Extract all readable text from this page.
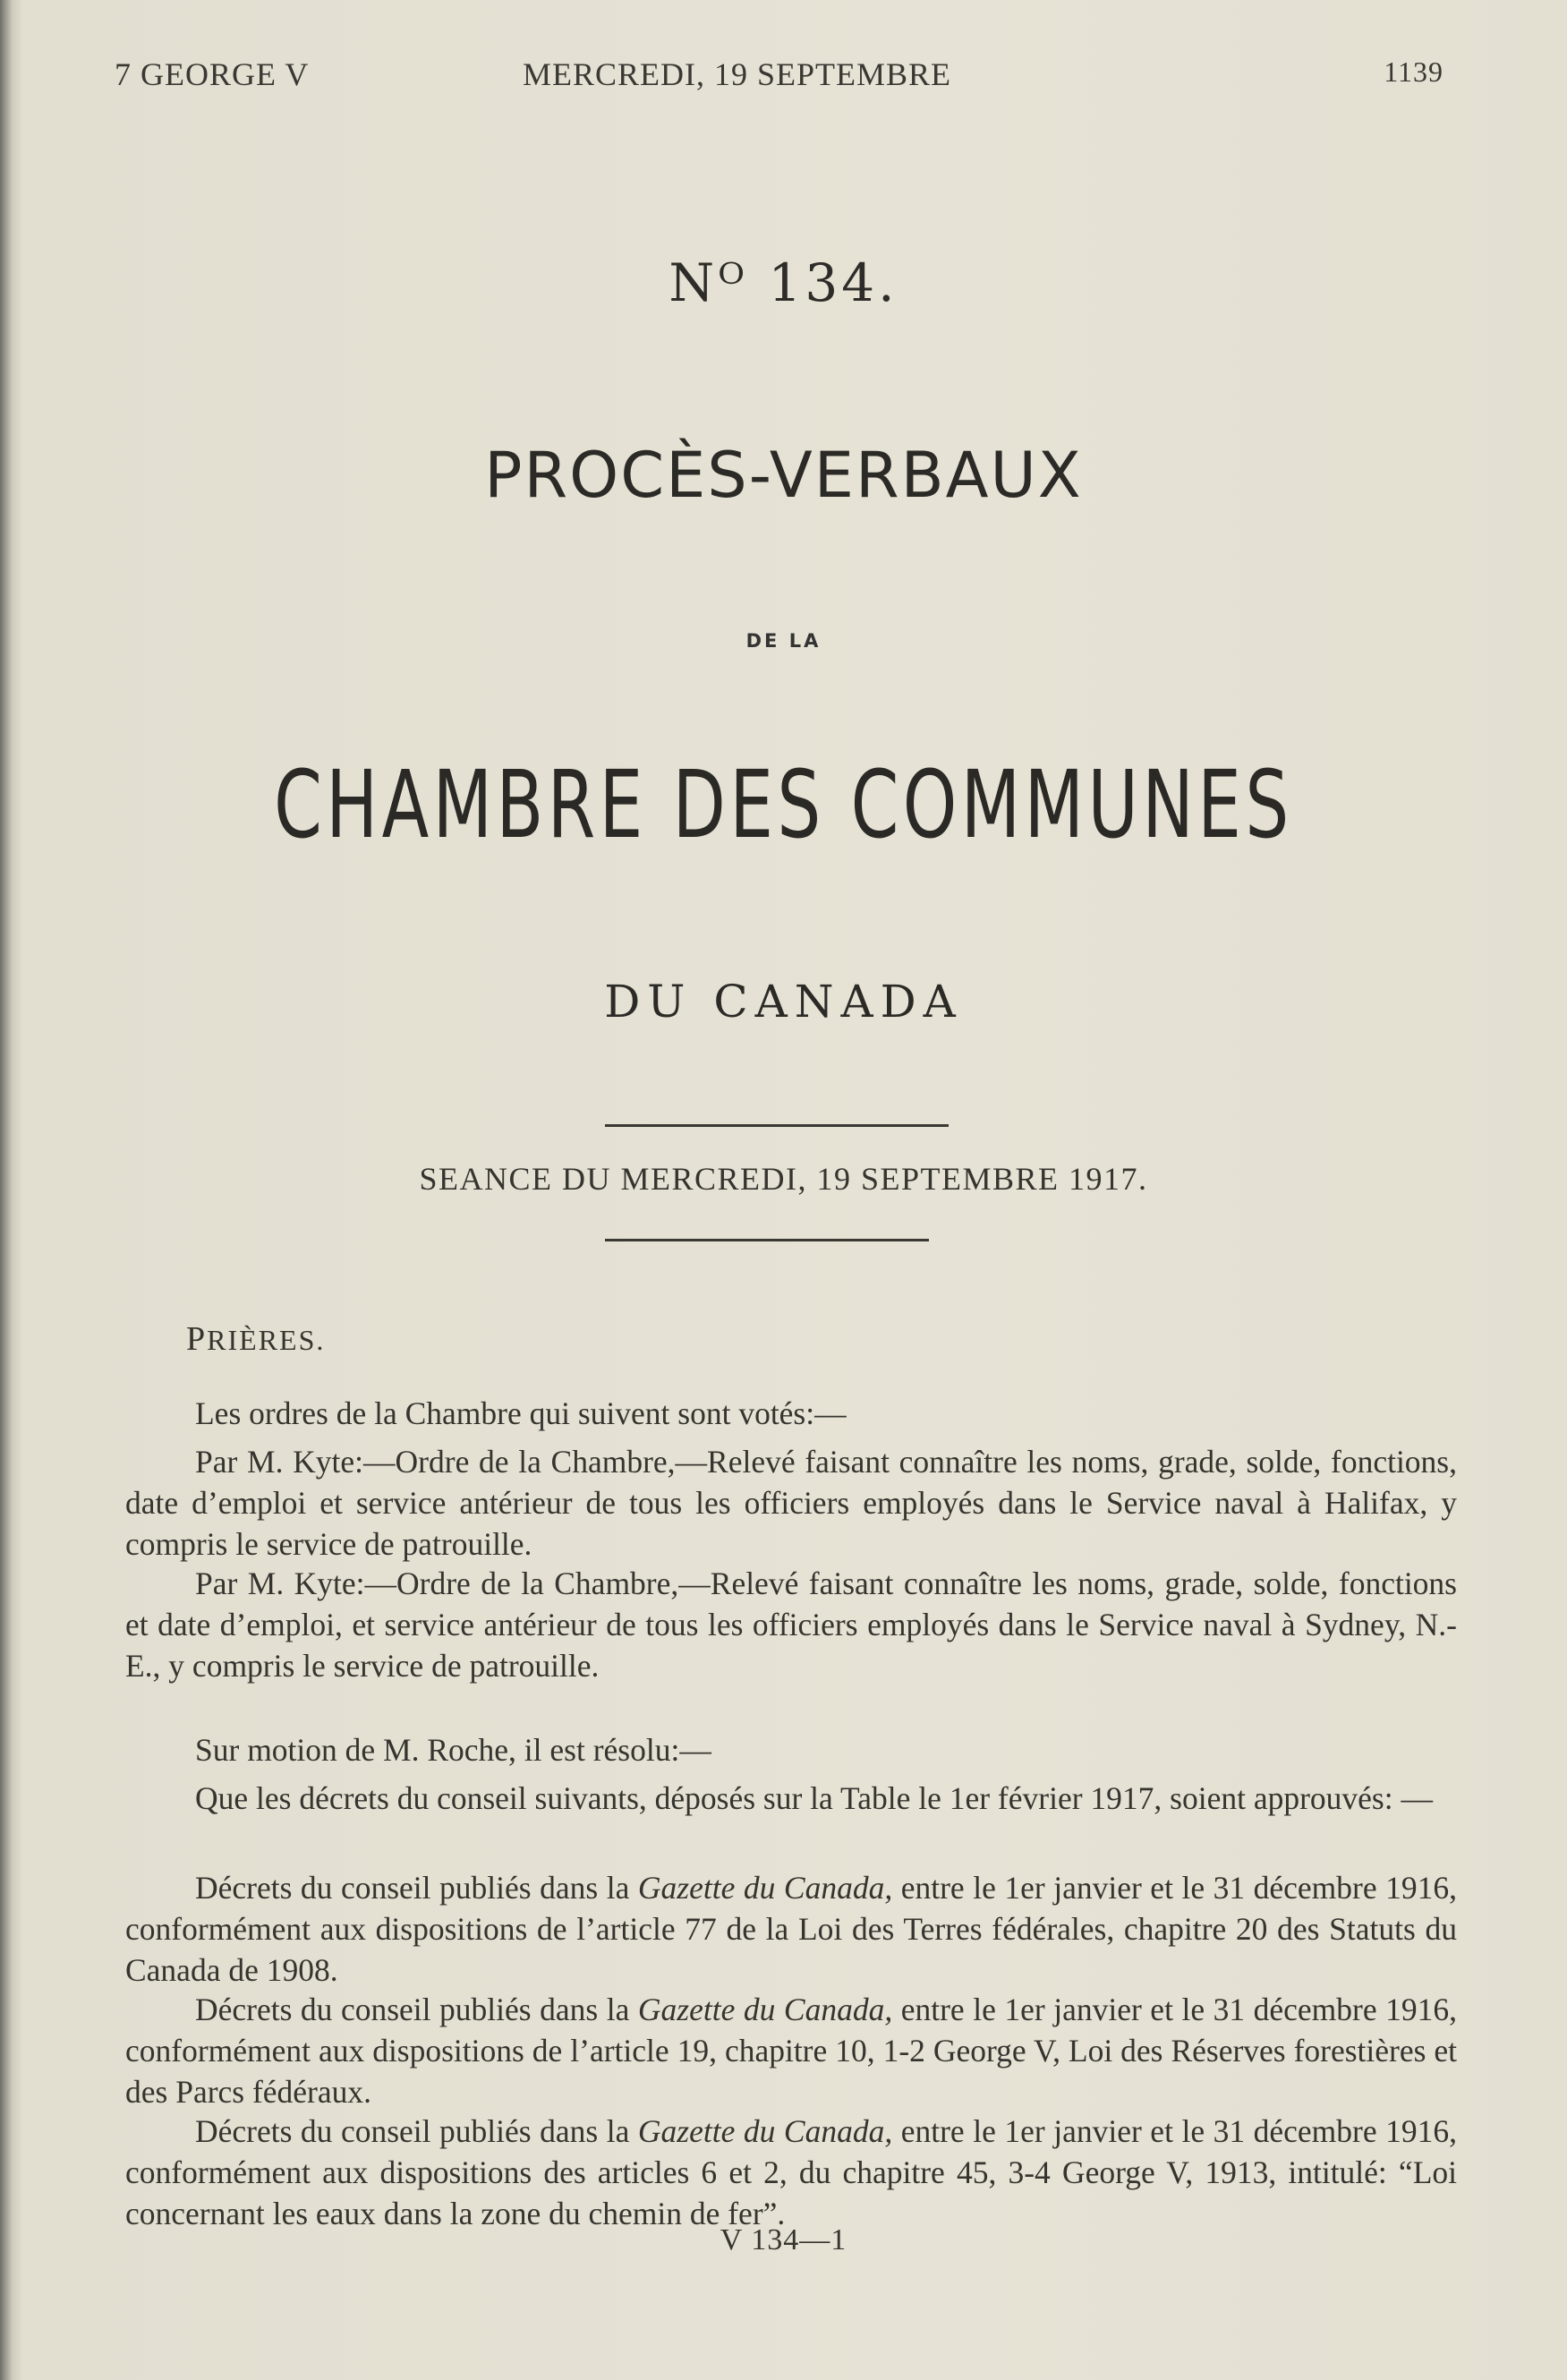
7 GEORGE V	MERCREDI, 19 SEPTEMBRE	1139
Nᴼ 134.
PROCÈS-VERBAUX
DE LA
CHAMBRE DES COMMUNES
DU CANADA
SEANCE DU MERCREDI, 19 SEPTEMBRE 1917.
PRIÈRES.

Les ordres de la Chambre qui suivent sont votés:—

Par M. Kyte:—Ordre de la Chambre,—Relevé faisant connaître les noms, grade, solde, fonctions, date d’emploi et service antérieur de tous les officiers employés dans le Service naval à Halifax, y compris le service de patrouille.

Par M. Kyte:—Ordre de la Chambre,—Relevé faisant connaître les noms, grade, solde, fonctions et date d’emploi, et service antérieur de tous les officiers employés dans le Service naval à Sydney, N.-E., y compris le service de patrouille.

Sur motion de M. Roche, il est résolu:—

Que les décrets du conseil suivants, déposés sur la Table le 1er février 1917, soient approuvés: —

Décrets du conseil publiés dans la Gazette du Canada, entre le 1er janvier et le 31 décembre 1916, conformément aux dispositions de l’article 77 de la Loi des Terres fédérales, chapitre 20 des Statuts du Canada de 1908.

Décrets du conseil publiés dans la Gazette du Canada, entre le 1er janvier et le 31 décembre 1916, conformément aux dispositions de l’article 19, chapitre 10, 1-2 George V, Loi des Réserves forestières et des Parcs fédéraux.

Décrets du conseil publiés dans la Gazette du Canada, entre le 1er janvier et le 31 décembre 1916, conformément aux dispositions des articles 6 et 2, du chapitre 45, 3-4 George V, 1913, intitulé: “Loi concernant les eaux dans la zone du chemin de fer”.

V 134—1
